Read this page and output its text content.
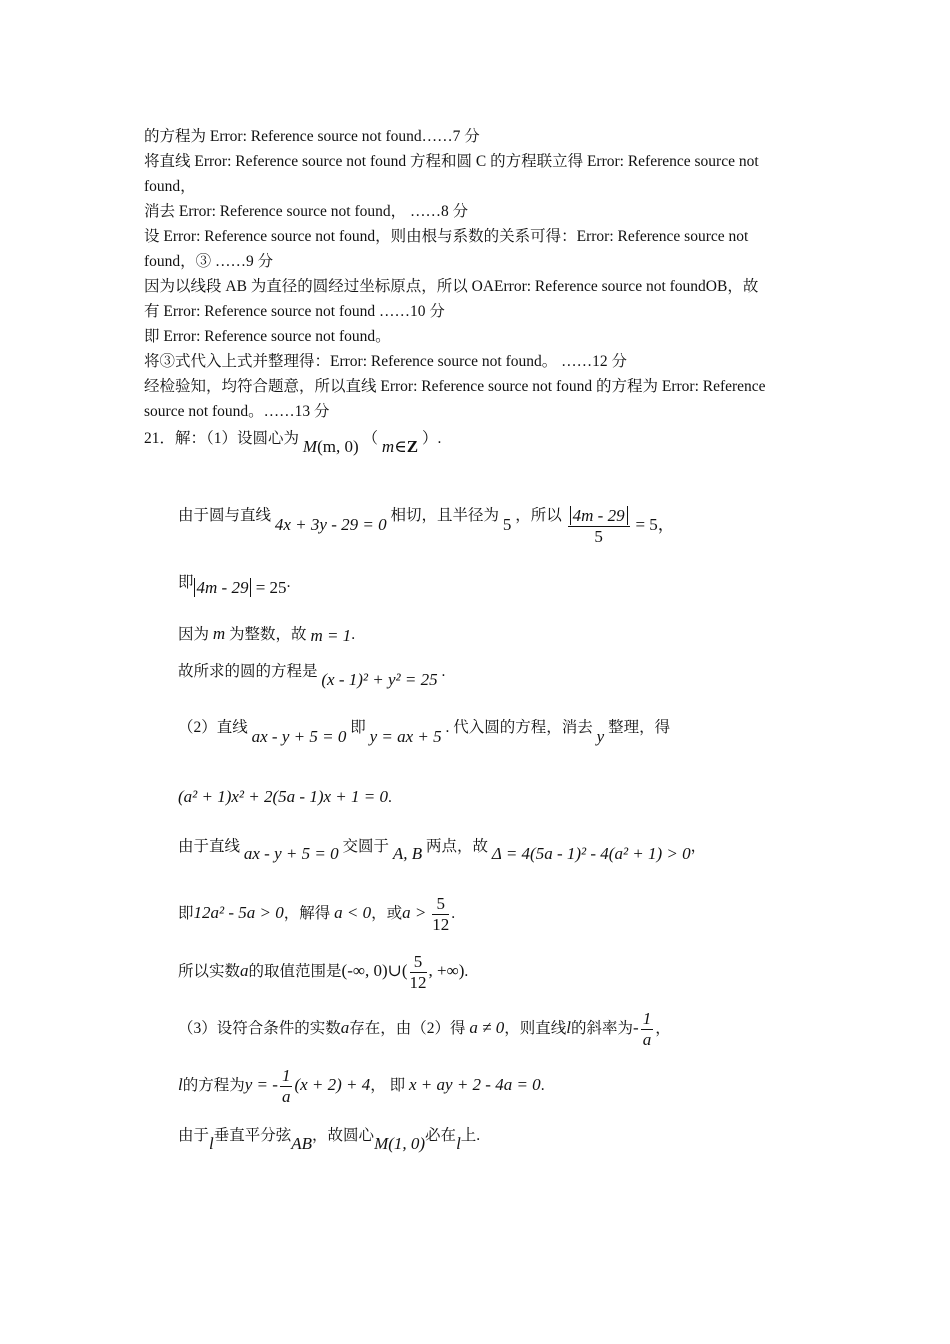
的方程为 Error: Reference source not found……7 分
将直线 Error: Reference source not found 方程和圆 C 的方程联立得 Error: Reference source not
found，
消去 Error: Reference source not found， ……8 分
设 Error: Reference source not found，则由根与系数的关系可得：Error: Reference source not
found，③ ……9 分
因为以线段 AB 为直径的圆经过坐标原点，所以 OAError: Reference source not foundOB，故
有 Error: Reference source not found ……10 分
即 Error: Reference source not found。
将③式代入上式并整理得：Error: Reference source not found。 ……12 分
经检验知，均符合题意，所以直线 Error: Reference source not found 的方程为 Error: Reference
source not found。……13 分
21．解：（1）设圆心为 M(m, 0) （ m∈Z ）.
由于圆与直线 4x + 3y - 29 = 0 相切，且半径为 5 ，所以 $\frac{4m - 29}{5} = 5$，
即 4m - 29 = 25.
因为 m 为整数，故 m = 1.
故所求的圆的方程是 (x - 1)² + y² = 25 .
（2）直线 ax - y + 5 = 0 即 y = ax + 5 . 代入圆的方程，消去 y 整理，得
(a² + 1)x² + 2(5a - 1)x + 1 = 0.
由于直线 ax - y + 5 = 0 交圆于 A, B 两点，故 Δ = 4(5a - 1)² - 4(a² + 1) > 0，
即12a² - 5a > 0，解得 a < 0，或$a > \frac{5}{12}$ .
所以实数a的取值范围是(-∞, 0)∪( $\frac{5}{12}$ , +∞).
（3）设符合条件的实数a存在，由（2）得 a ≠ 0，则直线l的斜率为- $\frac{1}{a}$ ，
l的方程为y = - $\frac{1}{a} (x + 2) + 4$， 即 x + ay + 2 - 4a = 0.
由于l垂直平分弦AB，故圆心M(1, 0)必在l上.
